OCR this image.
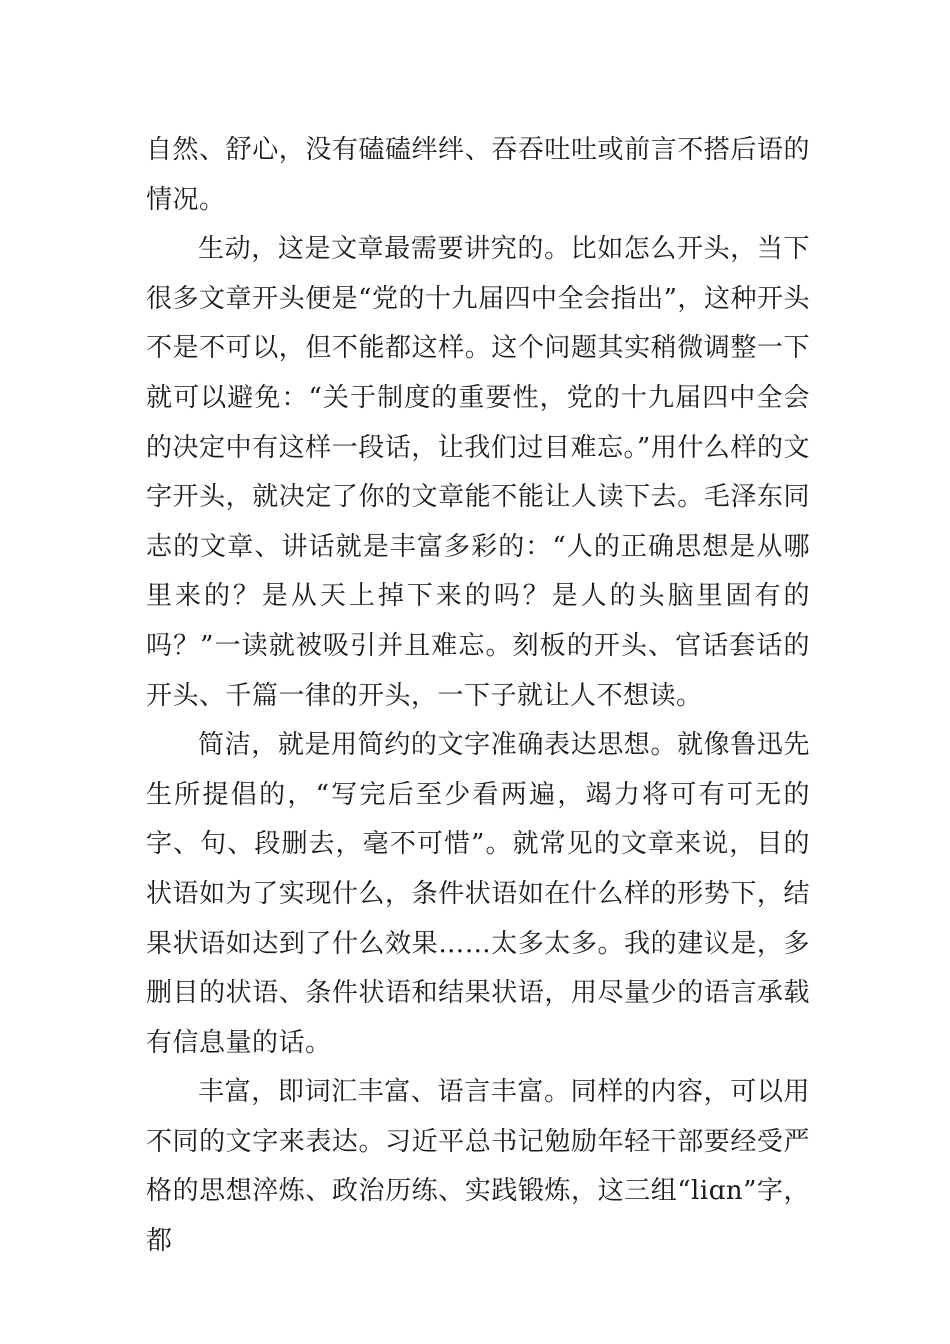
自然、舒心，没有磕磕绊绊、吞吞吐吐或前言不搭后语的情况。

生动，这是文章最需要讲究的。比如怎么开头，当下很多文章开头便是“党的十九届四中全会指出”，这种开头不是不可以，但不能都这样。这个问题其实稍微调整一下就可以避免：“关于制度的重要性，党的十九届四中全会的决定中有这样一段话，让我们过目难忘。”用什么样的文字开头，就决定了你的文章能不能让人读下去。毛泽东同志的文章、讲话就是丰富多彩的：“人的正确思想是从哪里来的？是从天上掉下来的吗？是人的头脑里固有的吗？”一读就被吸引并且难忘。刻板的开头、官话套话的开头、千篇一律的开头，一下子就让人不想读。

简洁，就是用简约的文字准确表达思想。就像鲁迅先生所提倡的，“写完后至少看两遍，竭力将可有可无的字、句、段删去，毫不可惜”。就常见的文章来说，目的状语如为了实现什么，条件状语如在什么样的形势下，结果状语如达到了什么效果……太多太多。我的建议是，多删目的状语、条件状语和结果状语，用尽量少的语言承载有信息量的话。

丰富，即词汇丰富、语言丰富。同样的内容，可以用不同的文字来表达。习近平总书记勉励年轻干部要经受严格的思想淬炼、政治历练、实践锻炼，这三组“liɑn”字，都
